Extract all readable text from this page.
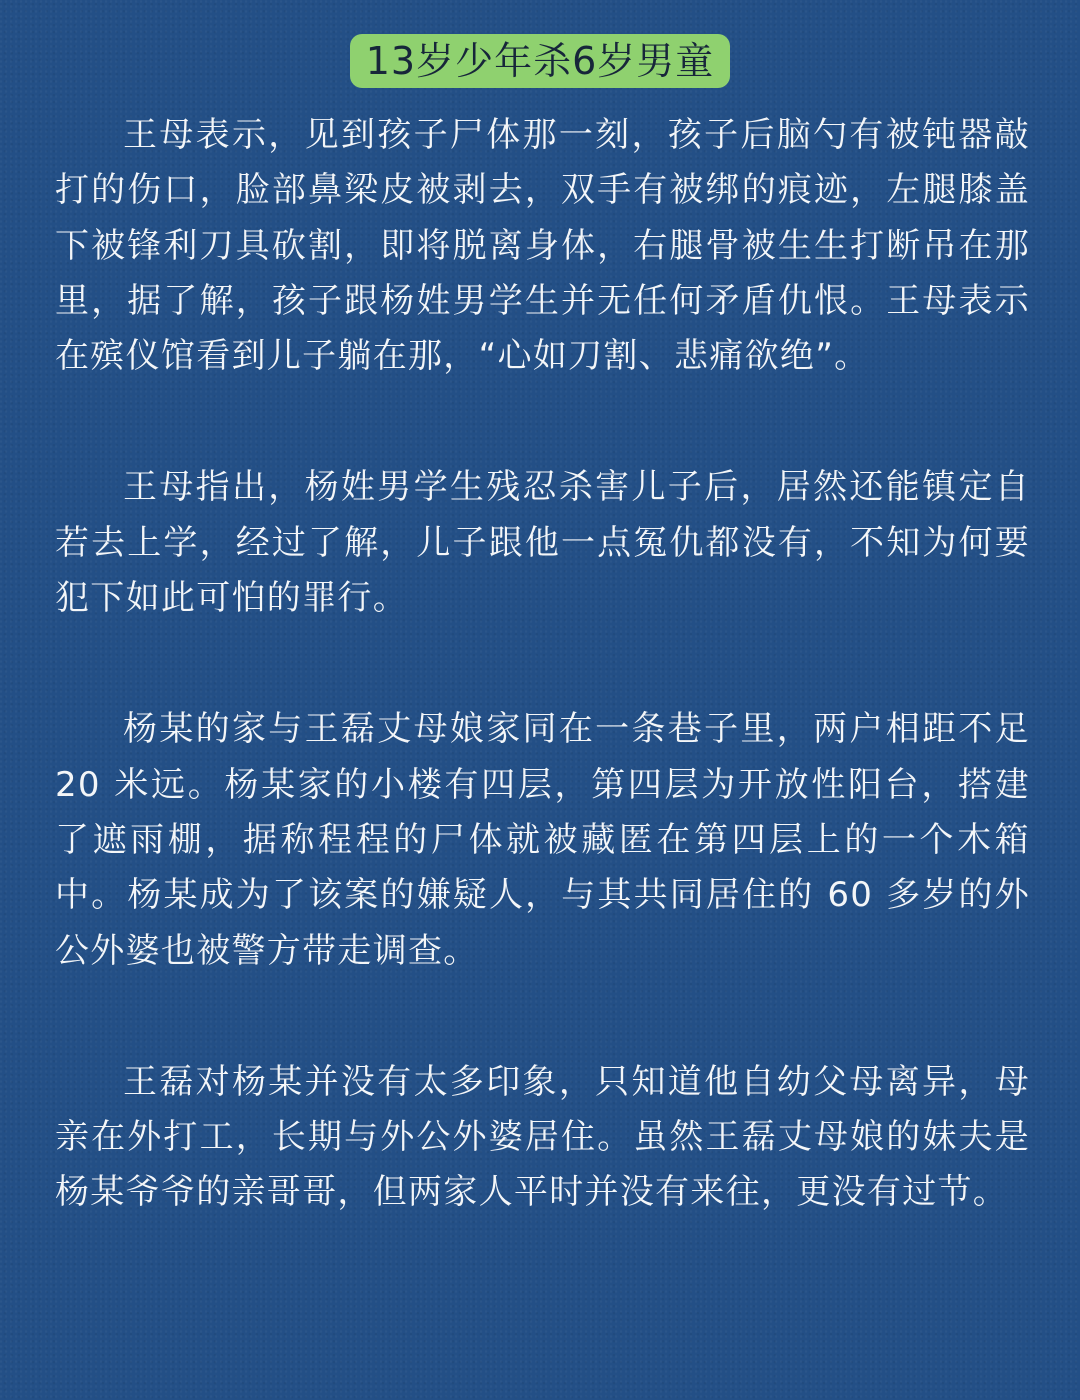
13岁少年杀6岁男童

王母表示，见到孩子尸体那一刻，孩子后脑勺有被钝器敲打的伤口，脸部鼻梁皮被剥去，双手有被绑的痕迹，左腿膝盖下被锋利刀具砍割，即将脱离身体，右腿骨被生生打断吊在那里，据了解，孩子跟杨姓男学生并无任何矛盾仇恨。王母表示在殡仪馆看到儿子躺在那，“心如刀割、悲痛欲绝”。

王母指出，杨姓男学生残忍杀害儿子后，居然还能镇定自若去上学，经过了解，儿子跟他一点冤仇都没有，不知为何要犯下如此可怕的罪行。

杨某的家与王磊丈母娘家同在一条巷子里，两户相距不足 20 米远。杨某家的小楼有四层，第四层为开放性阳台，搭建了遮雨棚，据称程程的尸体就被藏匿在第四层上的一个木箱中。杨某成为了该案的嫌疑人，与其共同居住的 60 多岁的外公外婆也被警方带走调查。

王磊对杨某并没有太多印象，只知道他自幼父母离异，母亲在外打工，长期与外公外婆居住。虽然王磊丈母娘的妹夫是杨某爷爷的亲哥哥，但两家人平时并没有来往，更没有过节。
